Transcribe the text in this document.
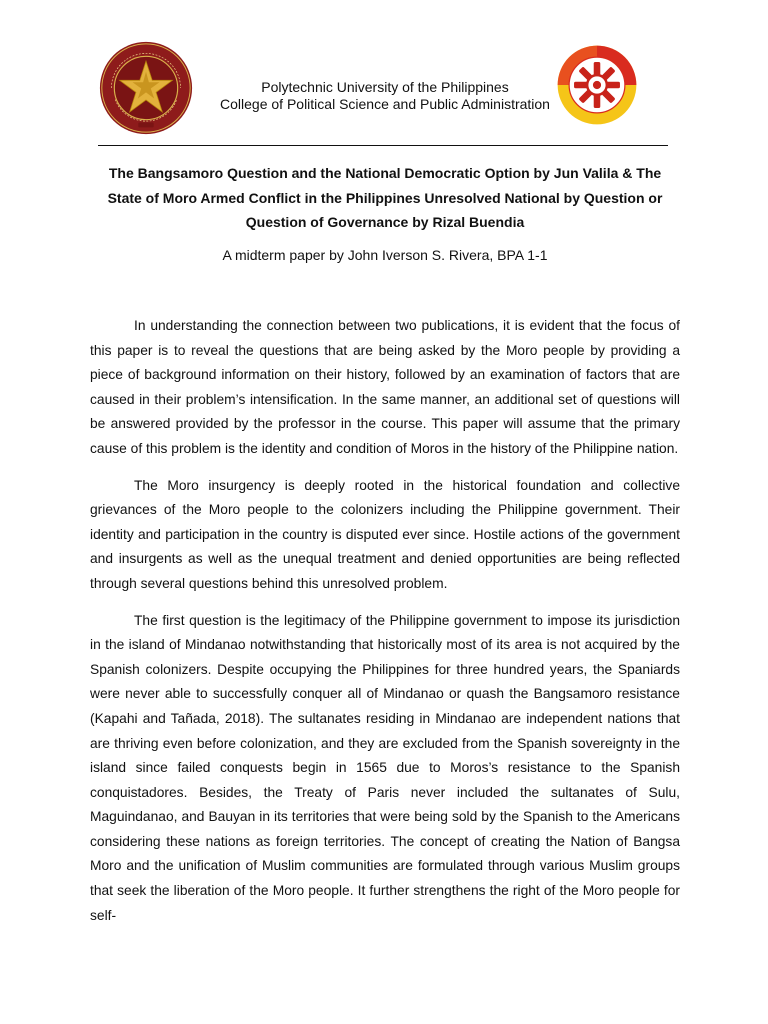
Polytechnic University of the Philippines
College of Political Science and Public Administration
The Bangsamoro Question and the National Democratic Option by Jun Valila & The State of Moro Armed Conflict in the Philippines Unresolved National by Question or Question of Governance by Rizal Buendia
A midterm paper by John Iverson S. Rivera, BPA 1-1

In understanding the connection between two publications, it is evident that the focus of this paper is to reveal the questions that are being asked by the Moro people by providing a piece of background information on their history, followed by an examination of factors that are caused in their problem’s intensification. In the same manner, an additional set of questions will be answered provided by the professor in the course. This paper will assume that the primary cause of this problem is the identity and condition of Moros in the history of the Philippine nation.

The Moro insurgency is deeply rooted in the historical foundation and collective grievances of the Moro people to the colonizers including the Philippine government. Their identity and participation in the country is disputed ever since. Hostile actions of the government and insurgents as well as the unequal treatment and denied opportunities are being reflected through several questions behind this unresolved problem.

The first question is the legitimacy of the Philippine government to impose its jurisdiction in the island of Mindanao notwithstanding that historically most of its area is not acquired by the Spanish colonizers. Despite occupying the Philippines for three hundred years, the Spaniards were never able to successfully conquer all of Mindanao or quash the Bangsamoro resistance (Kapahi and Tañada, 2018). The sultanates residing in Mindanao are independent nations that are thriving even before colonization, and they are excluded from the Spanish sovereignty in the island since failed conquests begin in 1565 due to Moros’s resistance to the Spanish conquistadores. Besides, the Treaty of Paris never included the sultanates of Sulu, Maguindanao, and Bauyan in its territories that were being sold by the Spanish to the Americans considering these nations as foreign territories. The concept of creating the Nation of Bangsa Moro and the unification of Muslim communities are formulated through various Muslim groups that seek the liberation of the Moro people. It further strengthens the right of the Moro people for self-
